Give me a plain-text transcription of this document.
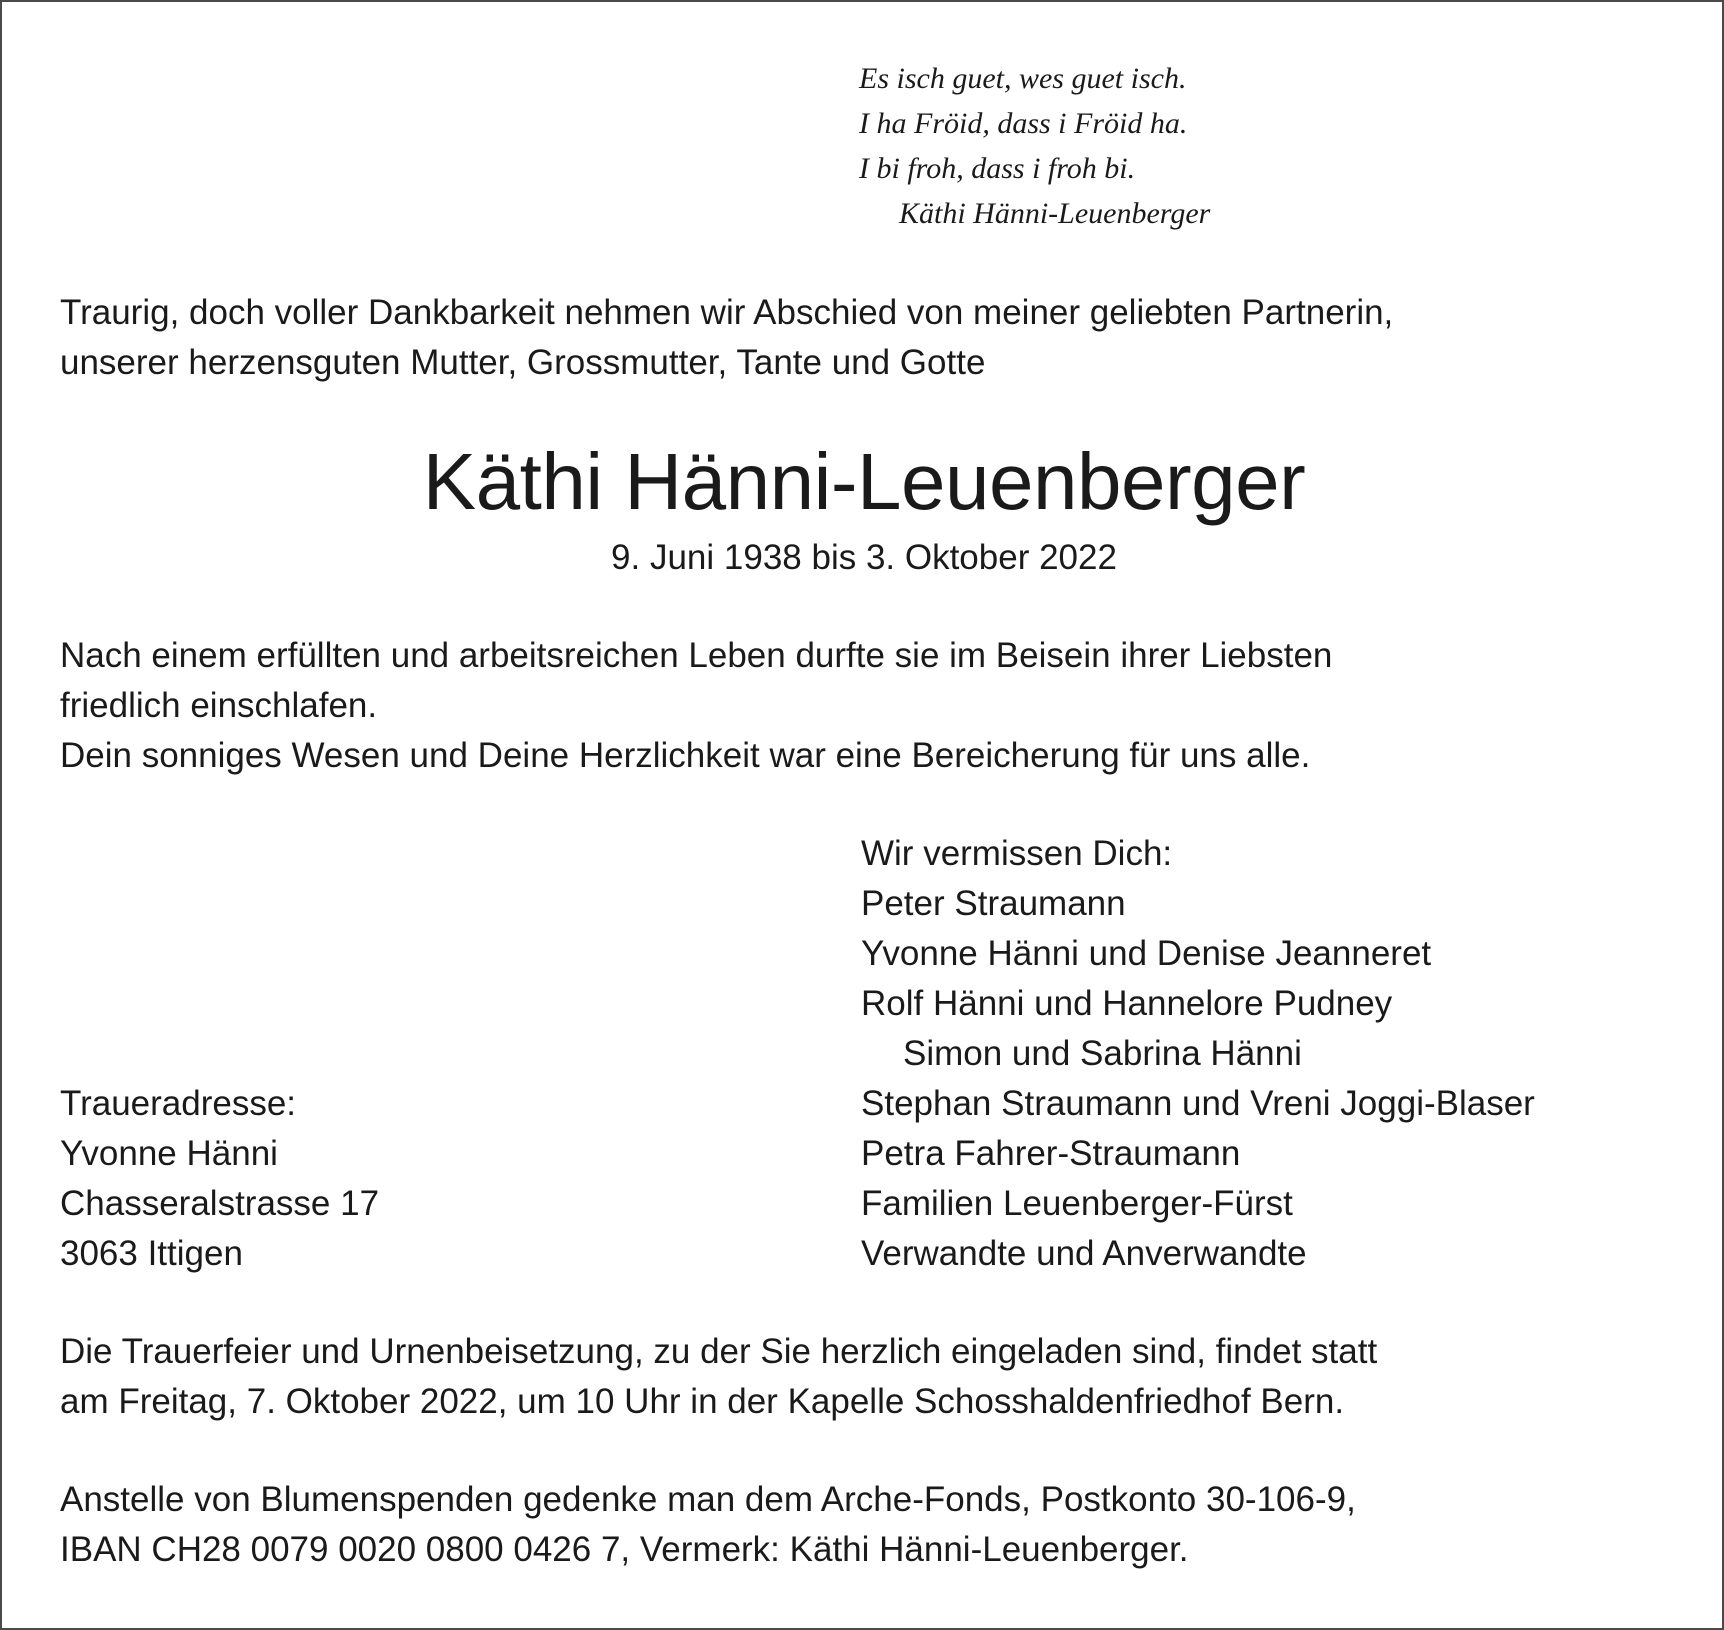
Es isch guet, wes guet isch.
I ha Fröid, dass i Fröid ha.
I bi froh, dass i froh bi.
Käthi Hänni-Leuenberger
Traurig, doch voller Dankbarkeit nehmen wir Abschied von meiner geliebten Partnerin,
unserer herzensguten Mutter, Grossmutter, Tante und Gotte
Käthi Hänni-Leuenberger
9. Juni 1938 bis 3. Oktober 2022
Nach einem erfüllten und arbeitsreichen Leben durfte sie im Beisein ihrer Liebsten
friedlich einschlafen.
Dein sonniges Wesen und Deine Herzlichkeit war eine Bereicherung für uns alle.
Wir vermissen Dich:
Peter Straumann
Yvonne Hänni und Denise Jeanneret
Rolf Hänni und Hannelore Pudney
Simon und Sabrina Hänni
Stephan Straumann und Vreni Joggi-Blaser
Petra Fahrer-Straumann
Familien Leuenberger-Fürst
Verwandte und Anverwandte
Traueradresse:
Yvonne Hänni
Chasseralstrasse 17
3063 Ittigen
Die Trauerfeier und Urnenbeisetzung, zu der Sie herzlich eingeladen sind, findet statt
am Freitag, 7. Oktober 2022, um 10 Uhr in der Kapelle Schosshaldenfriedhof Bern.
Anstelle von Blumenspenden gedenke man dem Arche-Fonds, Postkonto 30-106-9,
IBAN CH28 0079 0020 0800 0426 7, Vermerk: Käthi Hänni-Leuenberger.
